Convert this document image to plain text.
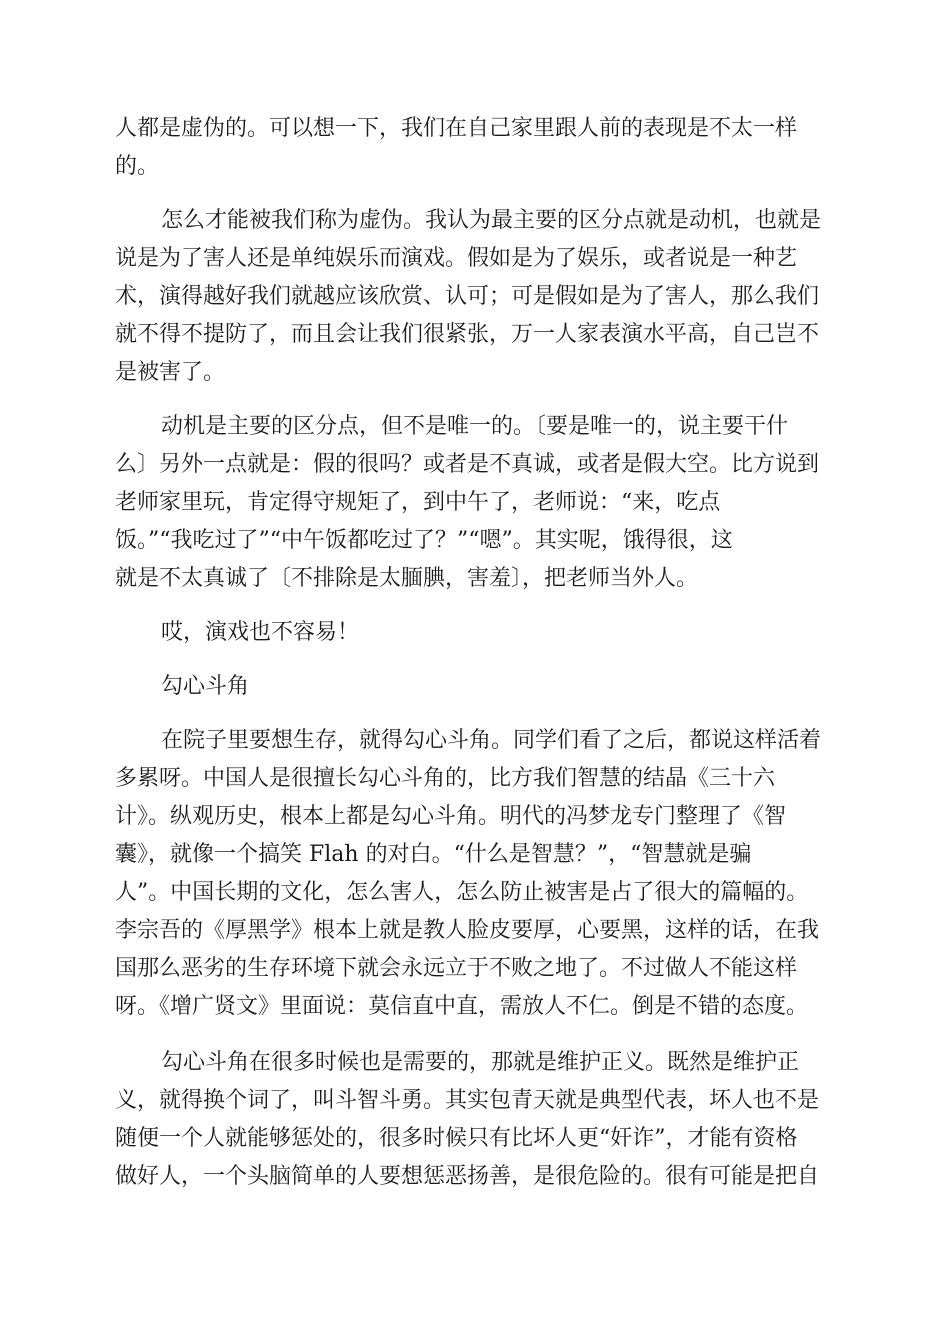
人都是虚伪的。可以想一下，我们在自己家里跟人前的表现是不太一样
的。
怎么才能被我们称为虚伪。我认为最主要的区分点就是动机，也就是
说是为了害人还是单纯娱乐而演戏。假如是为了娱乐，或者说是一种艺
术，演得越好我们就越应该欣赏、认可；可是假如是为了害人，那么我们
就不得不提防了，而且会让我们很紧张，万一人家表演水平高，自己岂不
是被害了。
动机是主要的区分点，但不是唯一的。〔要是唯一的，说主要干什
么〕另外一点就是：假的很吗？或者是不真诚，或者是假大空。比方说到
老师家里玩，肯定得守规矩了，到中午了，老师说：“来，吃点
饭。”“我吃过了”“中午饭都吃过了？”“嗯”。其实呢，饿得很，这
就是不太真诚了〔不排除是太腼腆，害羞〕，把老师当外人。
哎，演戏也不容易！
勾心斗角
在院子里要想生存，就得勾心斗角。同学们看了之后，都说这样活着
多累呀。中国人是很擅长勾心斗角的，比方我们智慧的结晶《三十六
计》。纵观历史，根本上都是勾心斗角。明代的冯梦龙专门整理了《智
囊》，就像一个搞笑 Flah 的对白。“什么是智慧？”，“智慧就是骗
人”。中国长期的文化，怎么害人，怎么防止被害是占了很大的篇幅的。
李宗吾的《厚黑学》根本上就是教人脸皮要厚，心要黑，这样的话，在我
国那么恶劣的生存环境下就会永远立于不败之地了。不过做人不能这样
呀。《增广贤文》里面说：莫信直中直，需放人不仁。倒是不错的态度。
勾心斗角在很多时候也是需要的，那就是维护正义。既然是维护正
义，就得换个词了，叫斗智斗勇。其实包青天就是典型代表，坏人也不是
随便一个人就能够惩处的，很多时候只有比坏人更“奸诈”，才能有资格
做好人，一个头脑简单的人要想惩恶扬善，是很危险的。很有可能是把自
